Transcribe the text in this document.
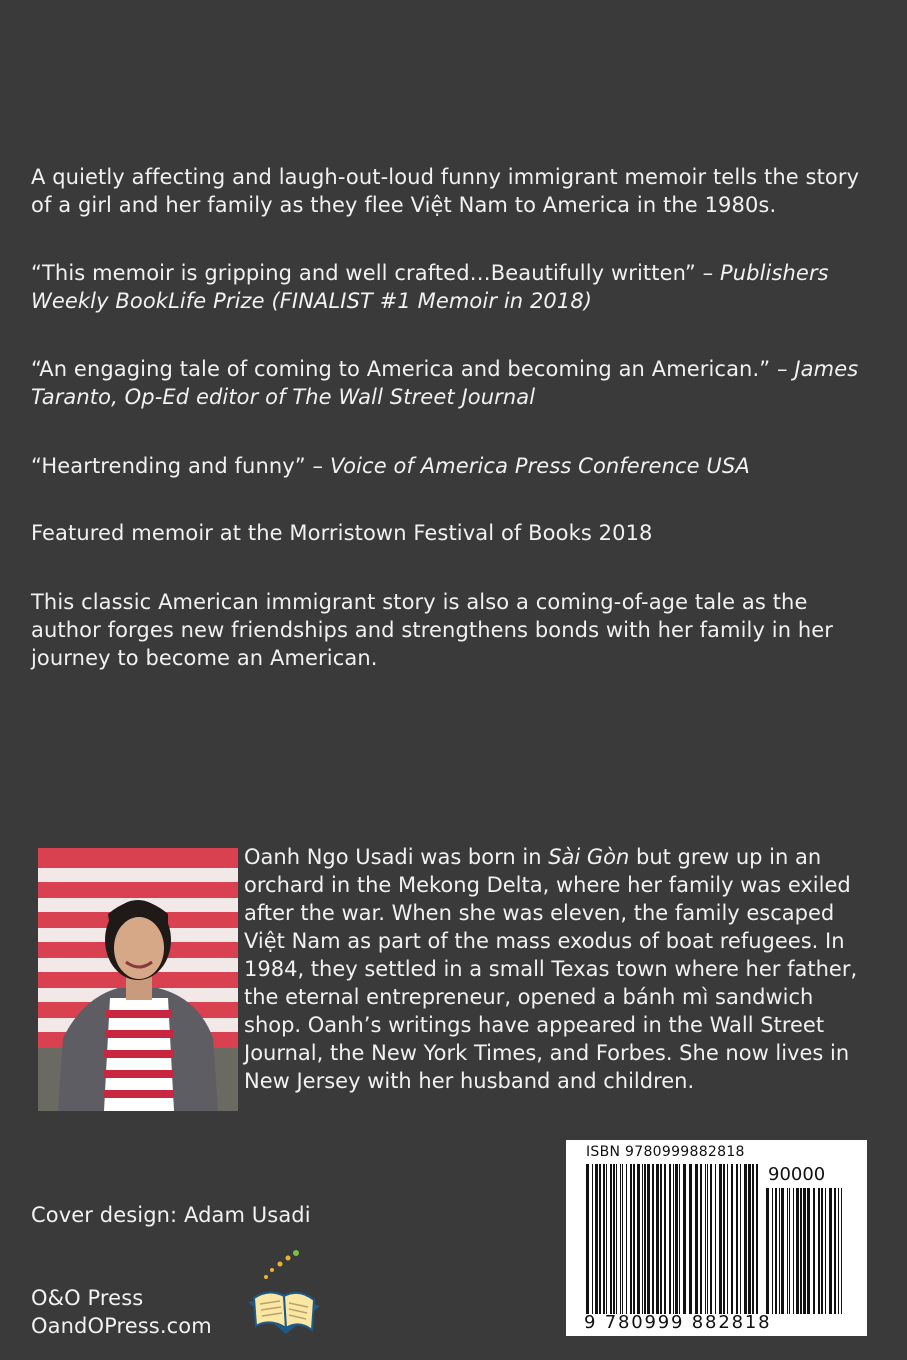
A quietly affecting and laugh-out-loud funny immigrant memoir tells the story of a girl and her family as they flee Việt Nam to America in the 1980s.

“This memoir is gripping and well crafted…Beautifully written” – Publishers Weekly BookLife Prize (FINALIST #1 Memoir in 2018)

“An engaging tale of coming to America and becoming an American.” – James Taranto, Op-Ed editor of The Wall Street Journal

“Heartrending and funny” – Voice of America Press Conference USA

Featured memoir at the Morristown Festival of Books 2018

This classic American immigrant story is also a coming-of-age tale as the author forges new friendships and strengthens bonds with her family in her journey to become an American.

Oanh Ngo Usadi was born in Sài Gòn but grew up in an orchard in the Mekong Delta, where her family was exiled after the war. When she was eleven, the family escaped Việt Nam as part of the mass exodus of boat refugees. In 1984, they settled in a small Texas town where her father, the eternal entrepreneur, opened a bánh mì sandwich shop. Oanh’s writings have appeared in the Wall Street Journal, the New York Times, and Forbes. She now lives in New Jersey with her husband and children.

Cover design: Adam Usadi

O&O Press

OandOPress.com

ISBN 9780999882818
90000
9 780999 882818
